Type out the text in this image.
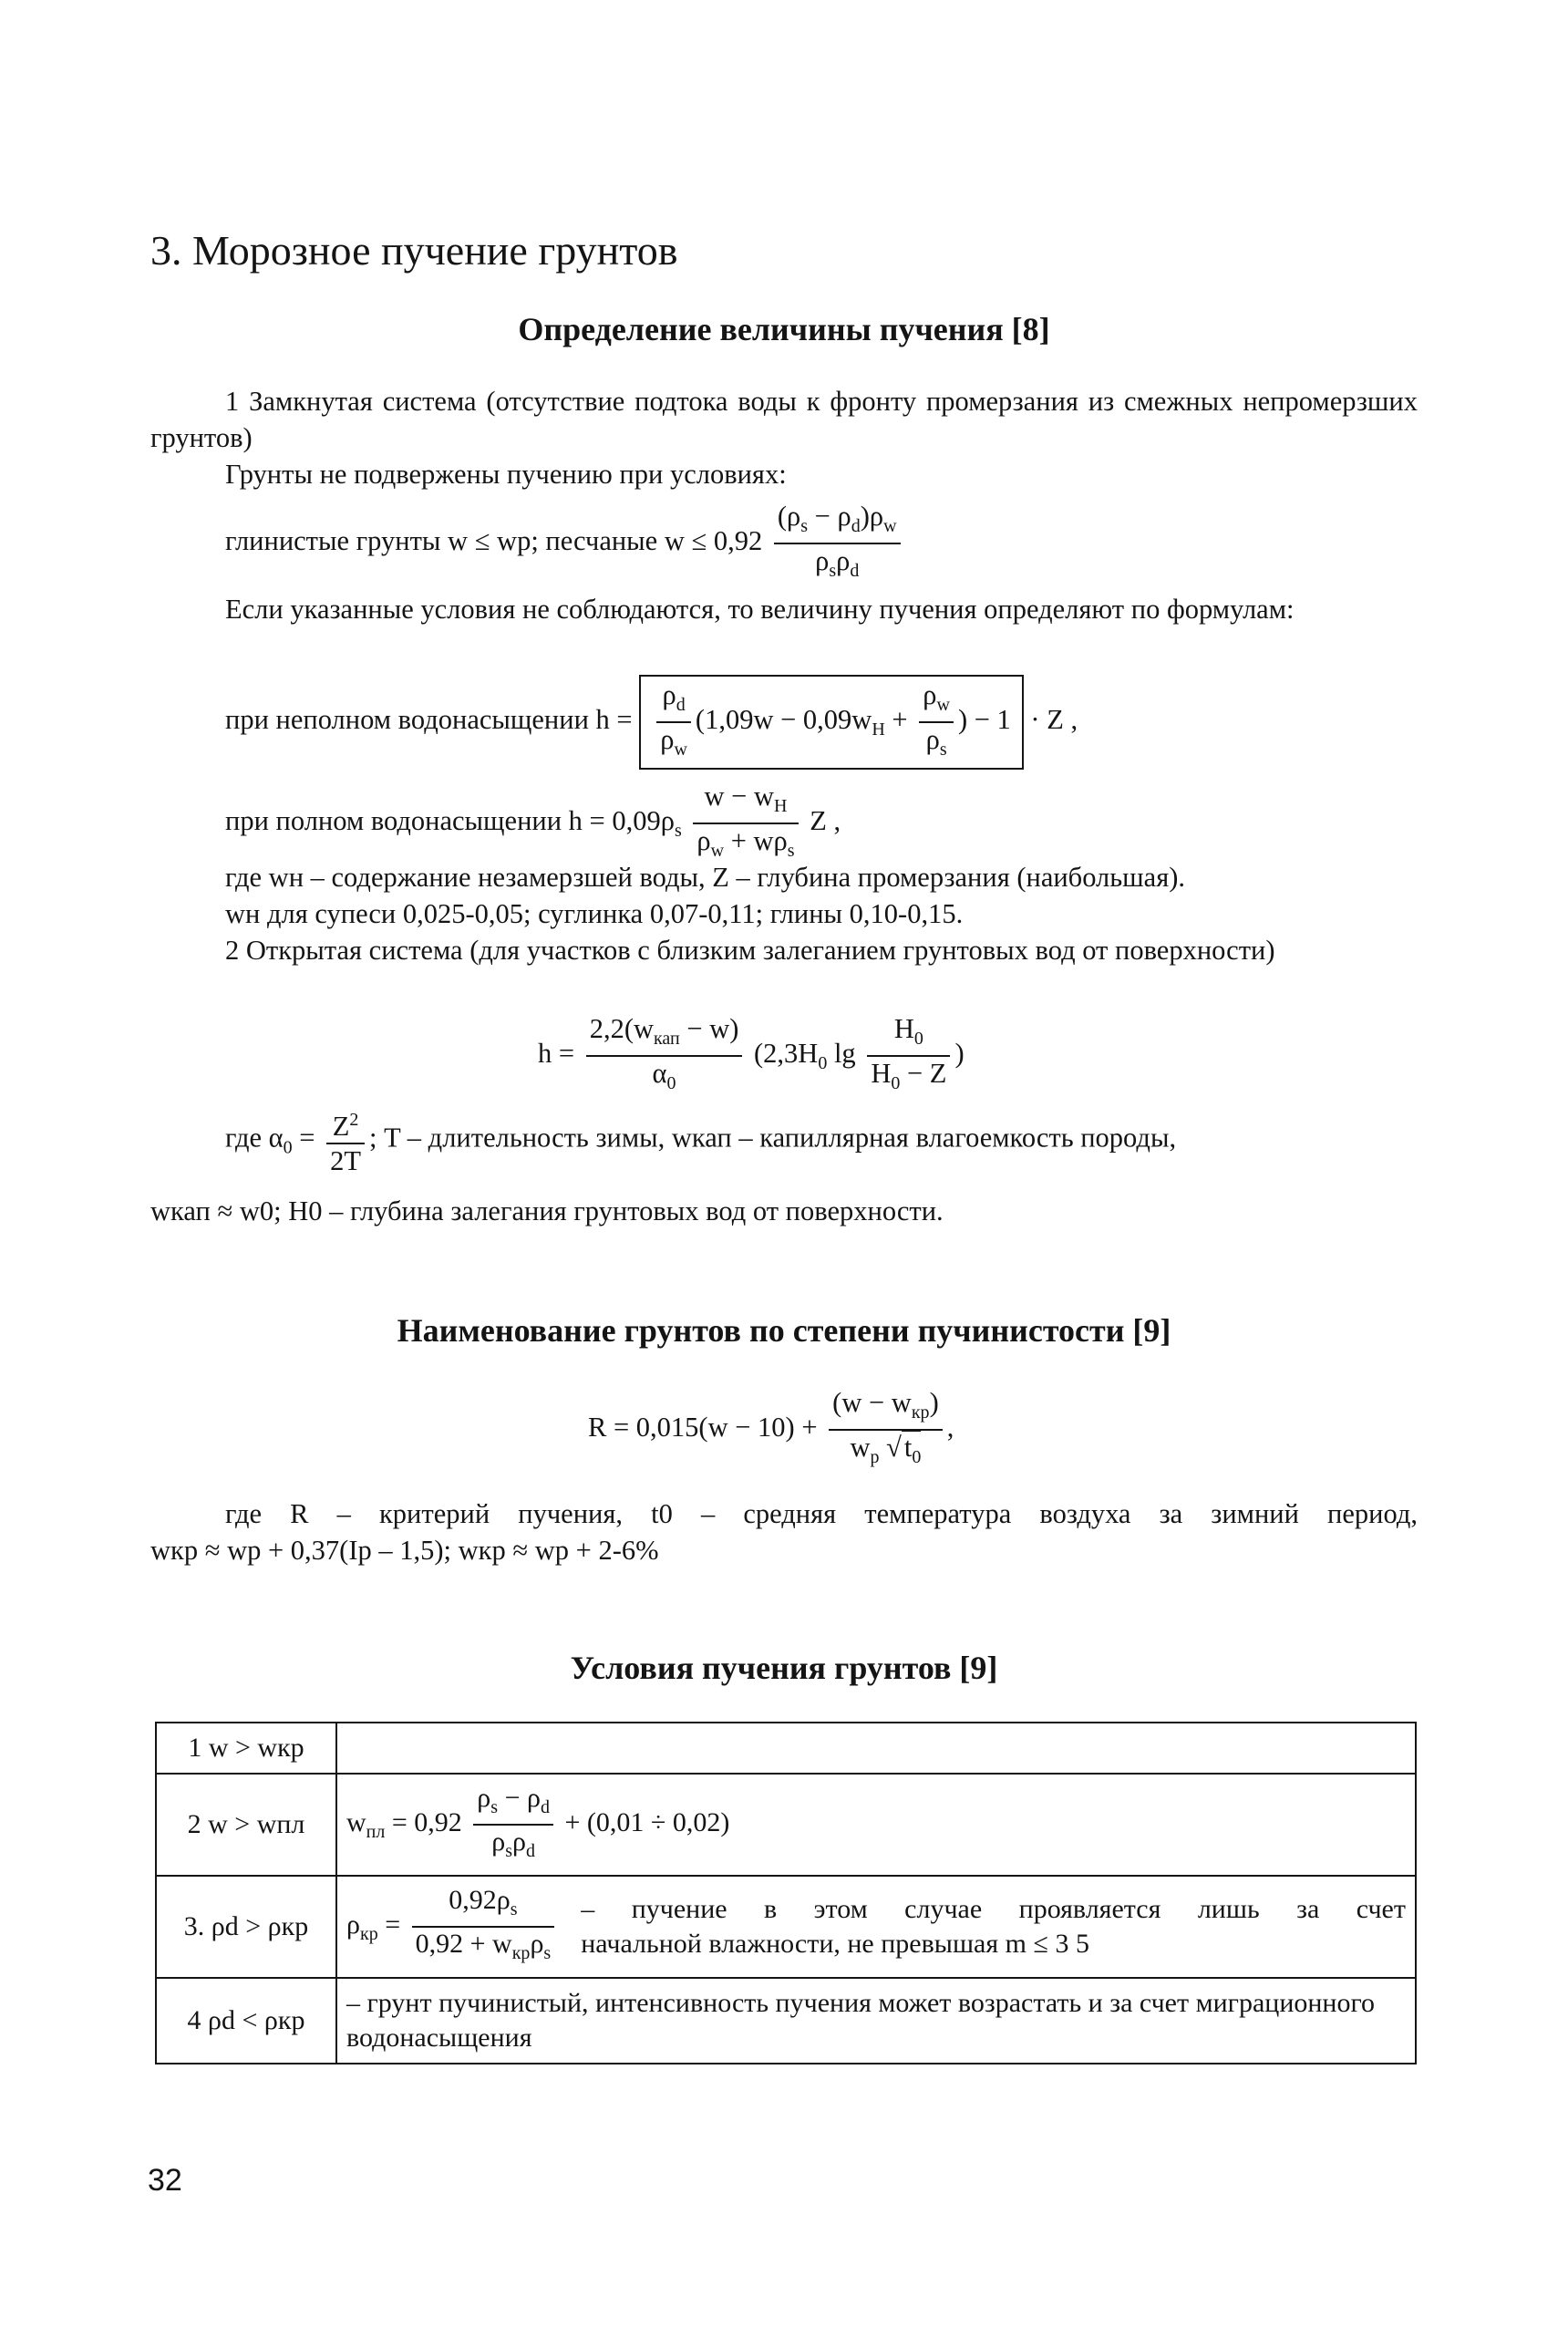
3. Морозное пучение грунтов
Определение величины пучения [8]
1 Замкнутая система (отсутствие подтока воды к фронту промерзания из смежных непромерзших грунтов)
Грунты не подвержены пучению при условиях:
глинистые грунты w ≤ wp; песчаные $w \le 0,92 \frac{(\rho_s - \rho_d)\rho_w}{\rho_s\rho_d}$
Если указанные условия не соблюдаются, то величину пучения определяют по формулам:
при неполном водонасыщении $h = \frac{\rho_d}{\rho_w} (1,09w - 0,09w_H + \frac{\rho_w}{\rho_s}$ ) − 1 · Z ,
при полном водонасыщении $h = 0,09\rho_s \frac{w - w_H}{\rho_w + w\rho_s}$ Z ,
где wн – содержание незамерзшей воды, Z – глубина промерзания (наибольшая).
wн для супеси 0,025-0,05; суглинка 0,07-0,11; глины 0,10-0,15.
2 Открытая система (для участков с близким залеганием грунтовых вод от поверхности)
$h = \frac{2,2(w_{кап} - w)}{\alpha_0} (2,3H_0$ $\lg \frac{H_0}{H_0 - Z}$ )
где $\alpha_0 = \frac{Z^2}{2T}$ ; T – длительность зимы, wкап – капиллярная влагоемкость породы,
wкап ≈ w0; H0 – глубина залегания грунтовых вод от поверхности.
Наименование грунтов по степени пучинистости [9]
$R = 0,015(w - 10) + \frac{(w - w_{кр})}{w_p √t_0}$ ,
где R – критерий пучения, t0 – средняя температура воздуха за зимний период,
wкр ≈ wp + 0,37(Ip – 1,5); wкр ≈ wp + 2-6%
Условия пучения грунтов [9]
1 w > wкр	
2 w > wпл	$w_{пл} = 0,92 \frac{\rho_s - \rho_d}{\rho_s\rho_d} + (0,01 \div 0,02)$
3. ρd > ρкр	$\rho_{кр} = \frac{0,92\rho_s}{0,92 + w_{кр}\rho_s}$ – пучение в этом случае проявляется лишь за счет
начальной влажности, не превышая m ≤ 3 5

4 ρd < ρкр	– грунт пучинистый, интенсивность пучения может возрастать и за счет миграционного водонасыщения
32
